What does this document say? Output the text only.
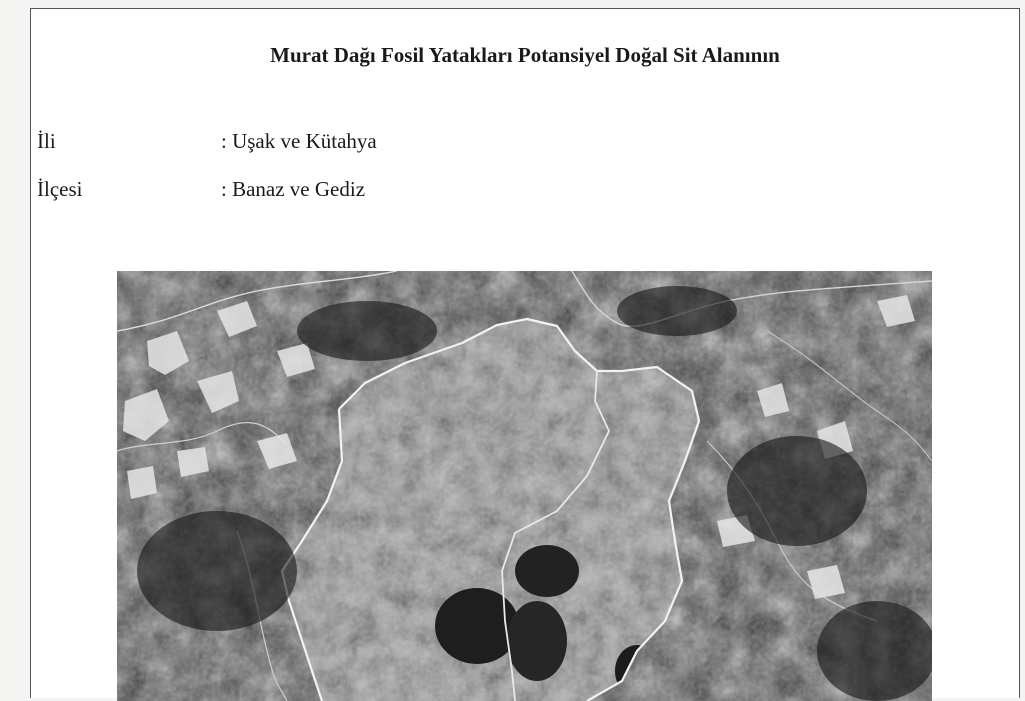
Murat Dağı Fosil Yatakları Potansiyel Doğal Sit Alanının
İli	: Uşak ve Kütahya
İlçesi	: Banaz ve Gediz
